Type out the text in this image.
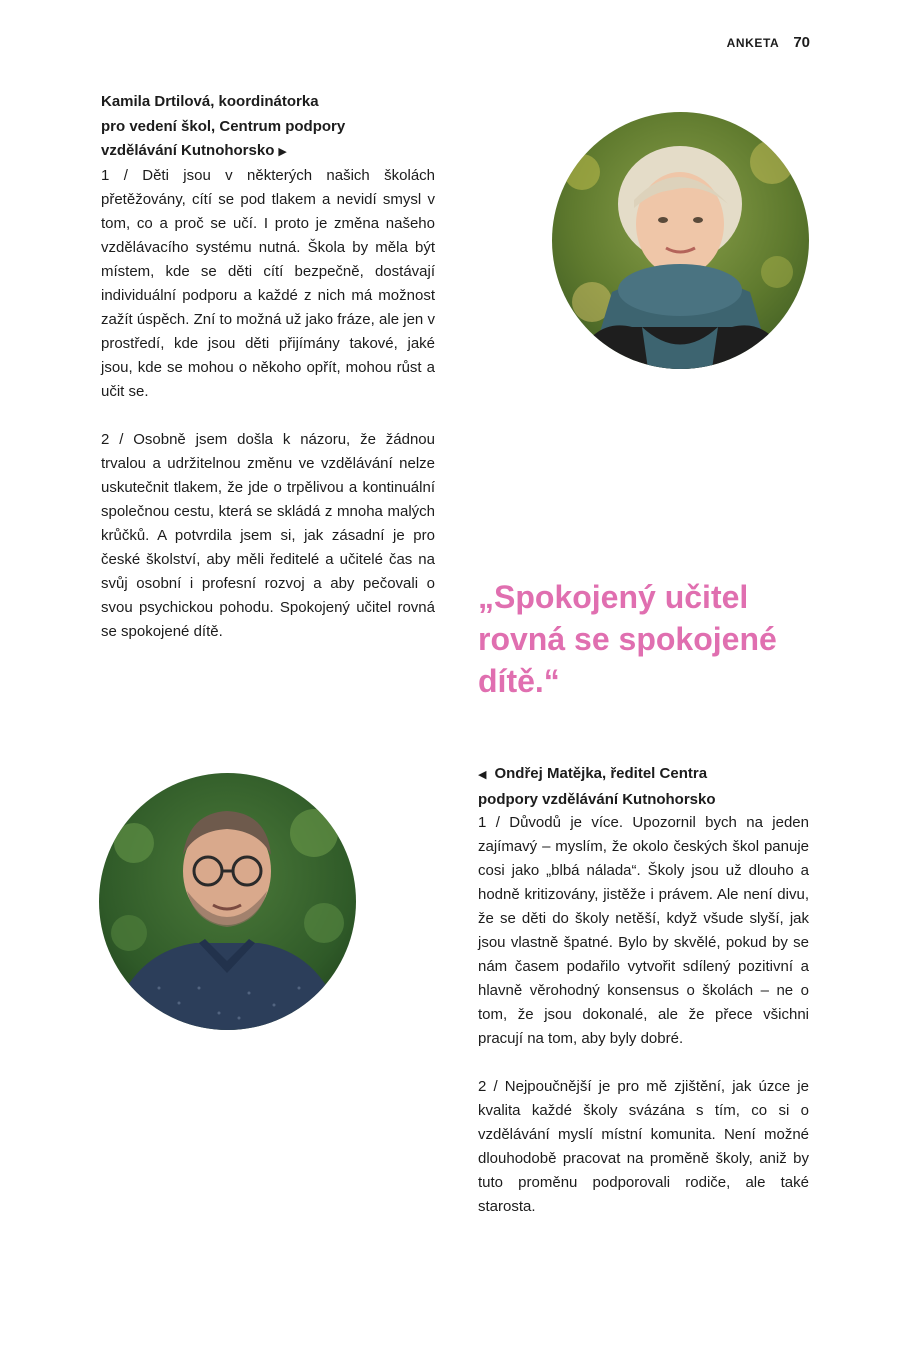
ANKETA 70
Kamila Drtilová, koordinátorka
pro vedení škol, Centrum podpory
vzdělávání Kutnohorsko ▶

1 / Děti jsou v některých našich školách přetěžovány, cítí se pod tlakem a nevidí smysl v tom, co a proč se učí. I proto je změna našeho vzdělávacího systému nutná. Škola by měla být místem, kde se děti cítí bezpečně, dostávají individuální podporu a každé z nich má možnost zažít úspěch. Zní to možná už jako fráze, ale jen v prostředí, kde jsou děti přijímány takové, jaké jsou, kde se mohou o někoho opřít, mohou růst a učit se.

2 / Osobně jsem došla k názoru, že žádnou trvalou a udržitelnou změnu ve vzdělávání nelze uskutečnit tlakem, že jde o trpělivou a kontinuální společnou cestu, která se skládá z mnoha malých krůčků. A potvrdila jsem si, jak zásadní je pro české školství, aby měli ředitelé a učitelé čas na svůj osobní i profesní rozvoj a aby pečovali o svou psychickou pohodu. Spokojený učitel rovná se spokojené dítě.

„Spokojený učitel rovná se spokojené dítě.“

◀ Ondřej Matějka, ředitel Centra
podpory vzdělávání Kutnohorsko

1 / Důvodů je více. Upozornil bych na jeden zajímavý – myslím, že okolo českých škol panuje cosi jako „blbá nálada“. Školy jsou už dlouho a hodně kritizovány, jistěže i právem. Ale není divu, že se děti do školy netěší, když všude slyší, jak jsou vlastně špatné. Bylo by skvělé, pokud by se nám časem podařilo vytvořit sdílený pozitivní a hlavně věrohodný konsensus o školách – ne o tom, že jsou dokonalé, ale že přece všichni pracují na tom, aby byly dobré.

2 / Nejpoučnější je pro mě zjištění, jak úzce je kvalita každé školy svázána s tím, co si o vzdělávání myslí místní komunita. Není možné dlouhodobě pracovat na proměně školy, aniž by tuto proměnu podporovali rodiče, ale také starosta.
